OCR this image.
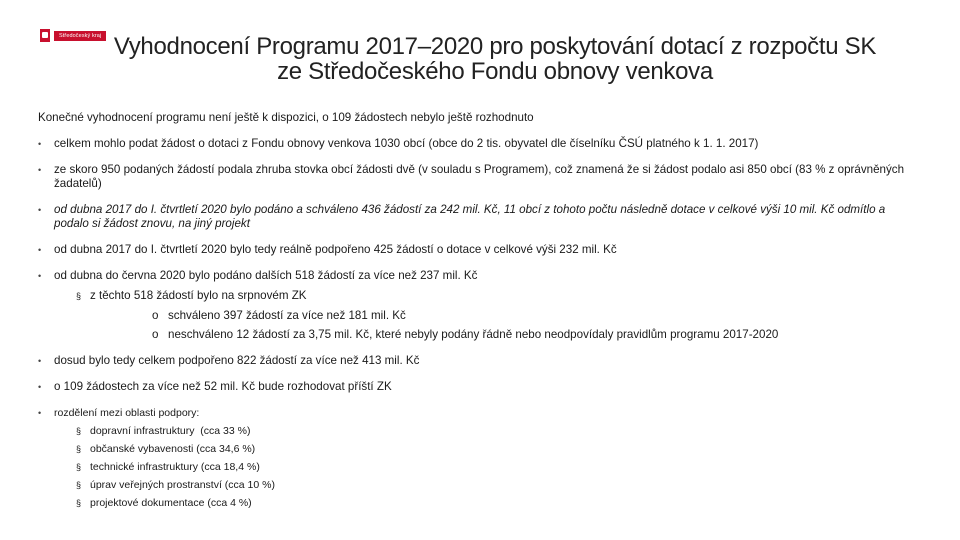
Středočeský kraj Vyhodnocení Programu 2017–2020 pro poskytování dotací z rozpočtu SK
ze Středočeského Fondu obnovy venkova

Konečné vyhodnocení programu není ještě k dispozici, o 109 žádostech nebylo ještě rozhodnuto

• celkem mohlo podat žádost o dotaci z Fondu obnovy venkova 1030 obcí (obce do 2 tis. obyvatel dle číselníku ČSÚ platného k 1. 1. 2017)
• ze skoro 950 podaných žádostí podala zhruba stovka obcí žádosti dvě (v souladu s Programem), což znamená že si žádost podalo asi 850 obcí (83 % z oprávněných žadatelů)
• od dubna 2017 do I. čtvrtletí 2020 bylo podáno a schváleno 436 žádostí za 242 mil. Kč, 11 obcí z tohoto počtu následně dotace v celkové výši 10 mil. Kč odmítlo a podalo si žádost znovu, na jiný projekt
• od dubna 2017 do I. čtvrtletí 2020 bylo tedy reálně podpořeno 425 žádostí o dotace v celkové výši 232 mil. Kč
• od dubna do června 2020 bylo podáno dalších 518 žádostí za více než 237 mil. Kč
§ z těchto 518 žádostí bylo na srpnovém ZK
o schváleno 397 žádostí za více než 181 mil. Kč
o neschváleno 12 žádostí za 3,75 mil. Kč, které nebyly podány řádně nebo neodpovídaly pravidlům programu 2017-2020
• dosud bylo tedy celkem podpořeno 822 žádostí za více než 413 mil. Kč
• o 109 žádostech za více než 52 mil. Kč bude rozhodovat příští ZK
• rozdělení mezi oblasti podpory:
§ dopravní infrastruktury  (cca 33 %)
§ občanské vybavenosti (cca 34,6 %)
§ technické infrastruktury (cca 18,4 %)
§ úprav veřejných prostranství (cca 10 %)
§ projektové dokumentace (cca 4 %)
